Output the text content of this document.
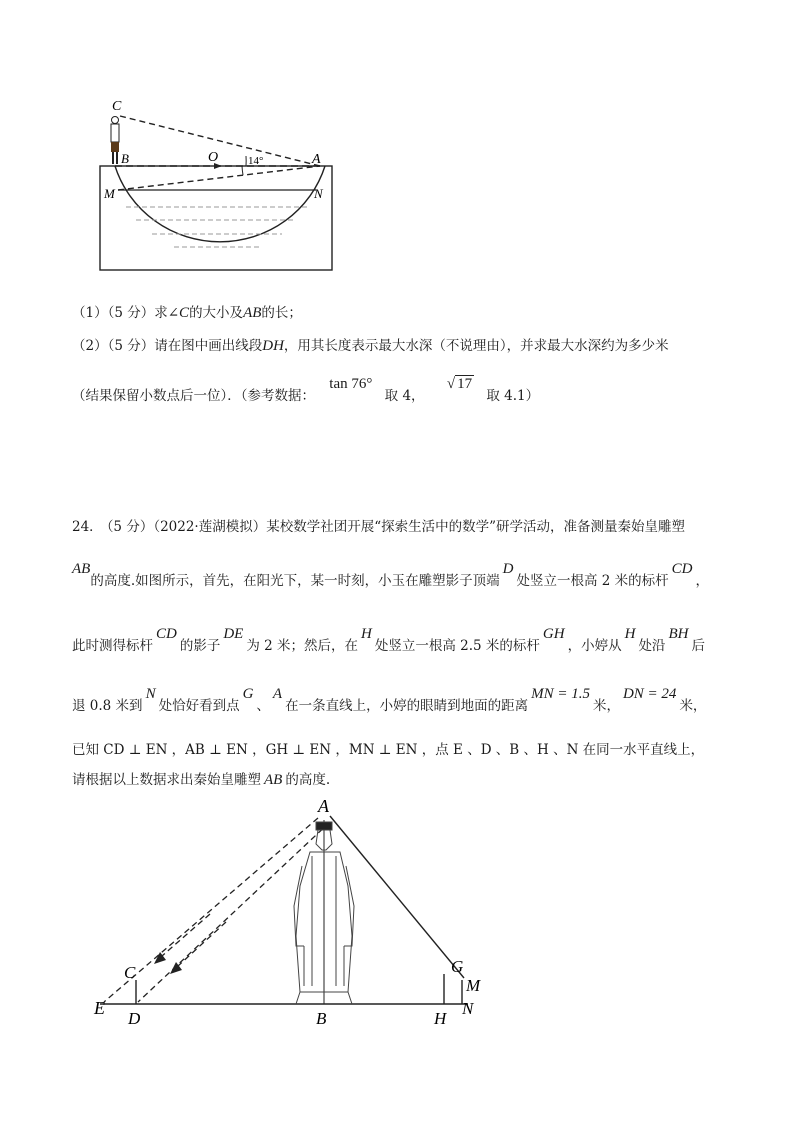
C
B	O	A
M	N
14°
（1）（5 分）求∠C的大小及AB的长；
（2）（5 分）请在图中画出线段DH，用其长度表示最大水深（不说理由），并求最大水深约为多少米
（结果保留小数点后一位）．（参考数据： tan 76° 取 4， √ 17 取 4.1）
24． （5 分）（2022·莲湖模拟）某校数学社团开展“探索生活中的数学”研学活动，准备测量秦始皇雕塑
AB的高度.如图所示，首先，在阳光下，某一时刻，小玉在雕塑影子顶端D处竖立一根高 2 米的标杆CD，
此时测得标杆CD的影子DE为 2 米；然后，在H处竖立一根高 2.5 米的标杆GH，小婷从H处沿BH后
退 0.8 米到N处恰好看到点G、A在一条直线上，小婷的眼睛到地面的距离MN = 1.5米，DN = 24米，
已知 CD ⊥ EN ，AB ⊥ EN ，GH ⊥ EN ，MN ⊥ EN ，点 E 、D 、B 、H 、N 在同一水平直线上，
请根据以上数据求出秦始皇雕塑 AB 的高度.
A
C
E
D	B
G
M
H
N
